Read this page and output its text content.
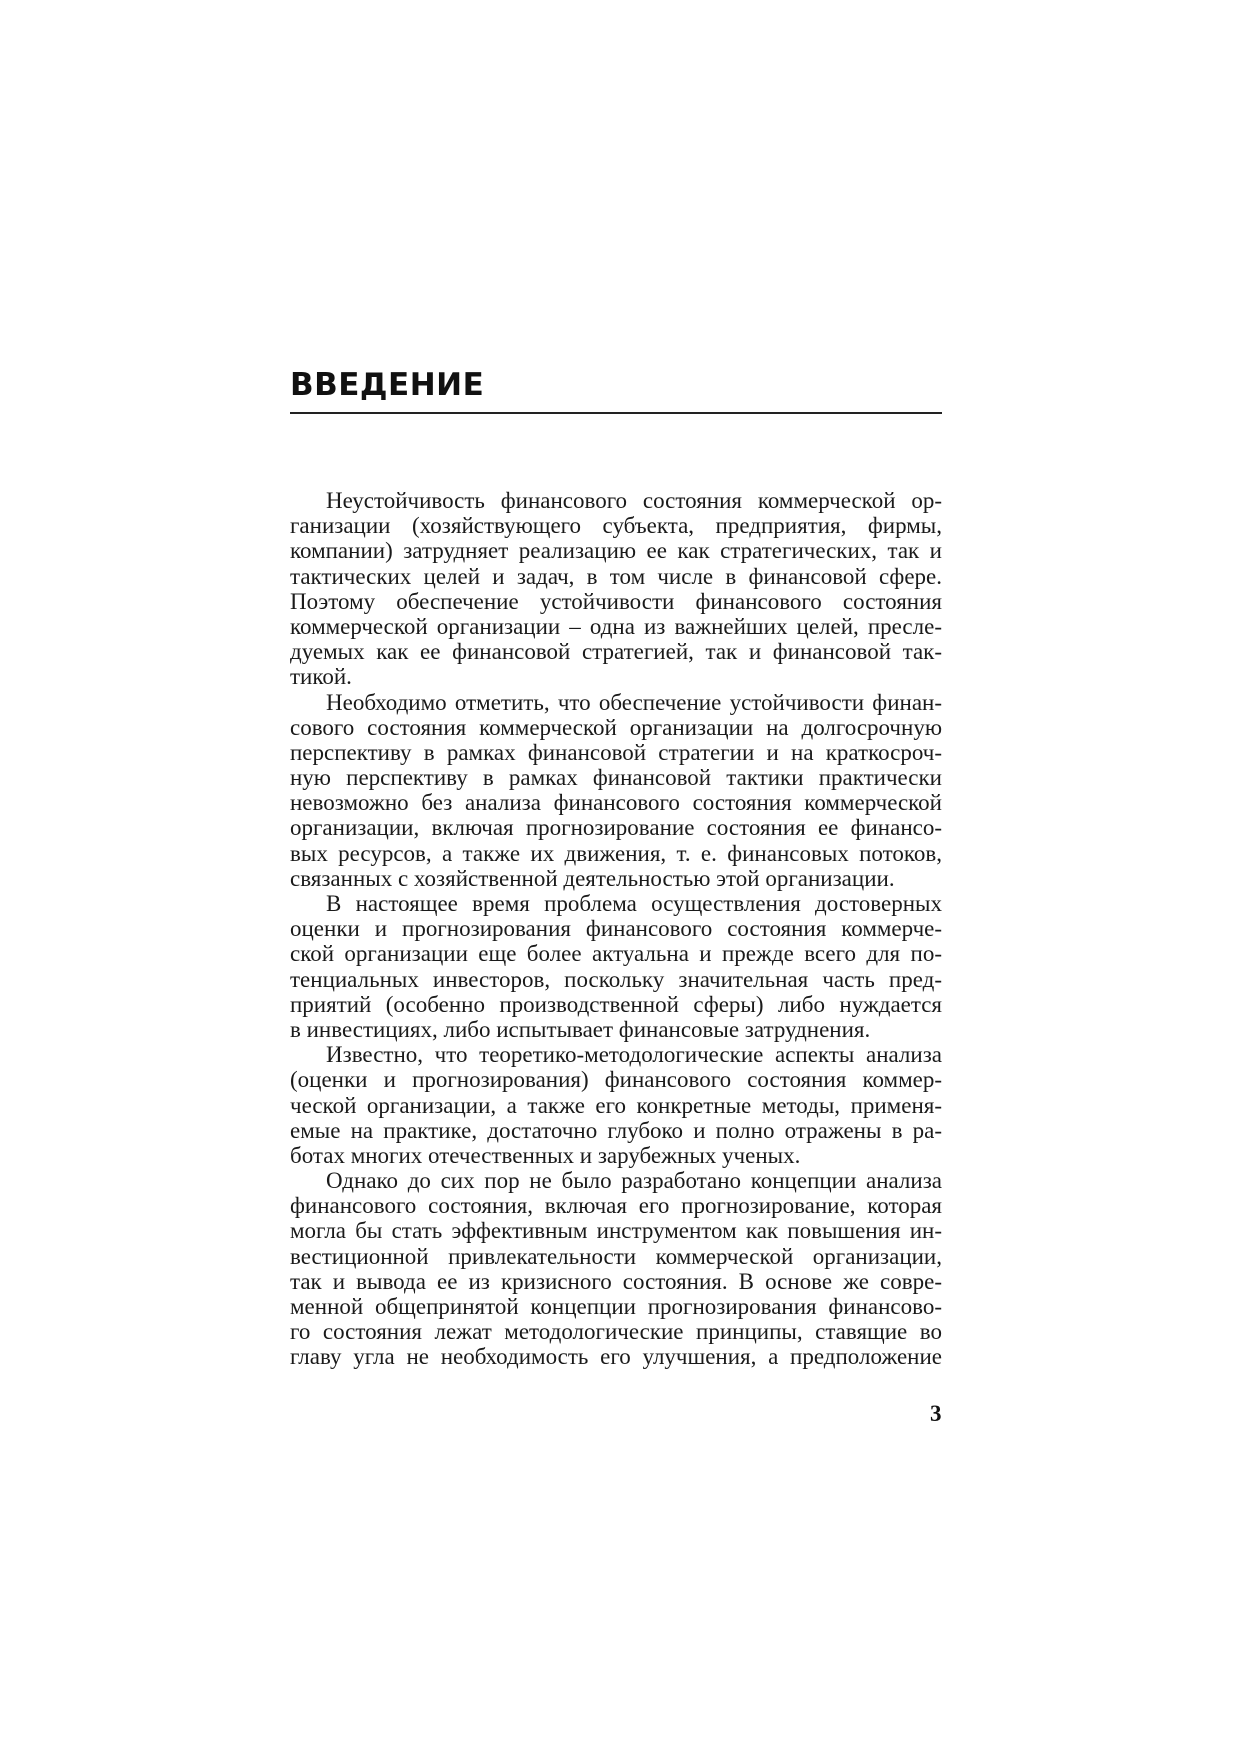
ВВЕДЕНИЕ
Неустойчивость финансового состояния коммерческой ор-
ганизации (хозяйствующего субъекта, предприятия, фирмы,
компании) затрудняет реализацию ее как стратегических, так и
тактических целей и задач, в том числе в финансовой сфере.
Поэтому обеспечение устойчивости финансового состояния
коммерческой организации – одна из важнейших целей, пресле-
дуемых как ее финансовой стратегией, так и финансовой так-
тикой.
Необходимо отметить, что обеспечение устойчивости финан-
сового состояния коммерческой организации на долгосрочную
перспективу в рамках финансовой стратегии и на краткосроч-
ную перспективу в рамках финансовой тактики практически
невозможно без анализа финансового состояния коммерческой
организации, включая прогнозирование состояния ее финансо-
вых ресурсов, а также их движения, т. е. финансовых потоков,
связанных с хозяйственной деятельностью этой организации.
В настоящее время проблема осуществления достоверных
оценки и прогнозирования финансового состояния коммерче-
ской организации еще более актуальна и прежде всего для по-
тенциальных инвесторов, поскольку значительная часть пред-
приятий (особенно производственной сферы) либо нуждается
в инвестициях, либо испытывает финансовые затруднения.
Известно, что теоретико-методологические аспекты анализа
(оценки и прогнозирования) финансового состояния коммер-
ческой организации, а также его конкретные методы, применя-
емые на практике, достаточно глубоко и полно отражены в ра-
ботах многих отечественных и зарубежных ученых.
Однако до сих пор не было разработано концепции анализа
финансового состояния, включая его прогнозирование, которая
могла бы стать эффективным инструментом как повышения ин-
вестиционной привлекательности коммерческой организации,
так и вывода ее из кризисного состояния. В основе же совре-
менной общепринятой концепции прогнозирования финансово-
го состояния лежат методологические принципы, ставящие во
главу угла не необходимость его улучшения, а предположение
3
